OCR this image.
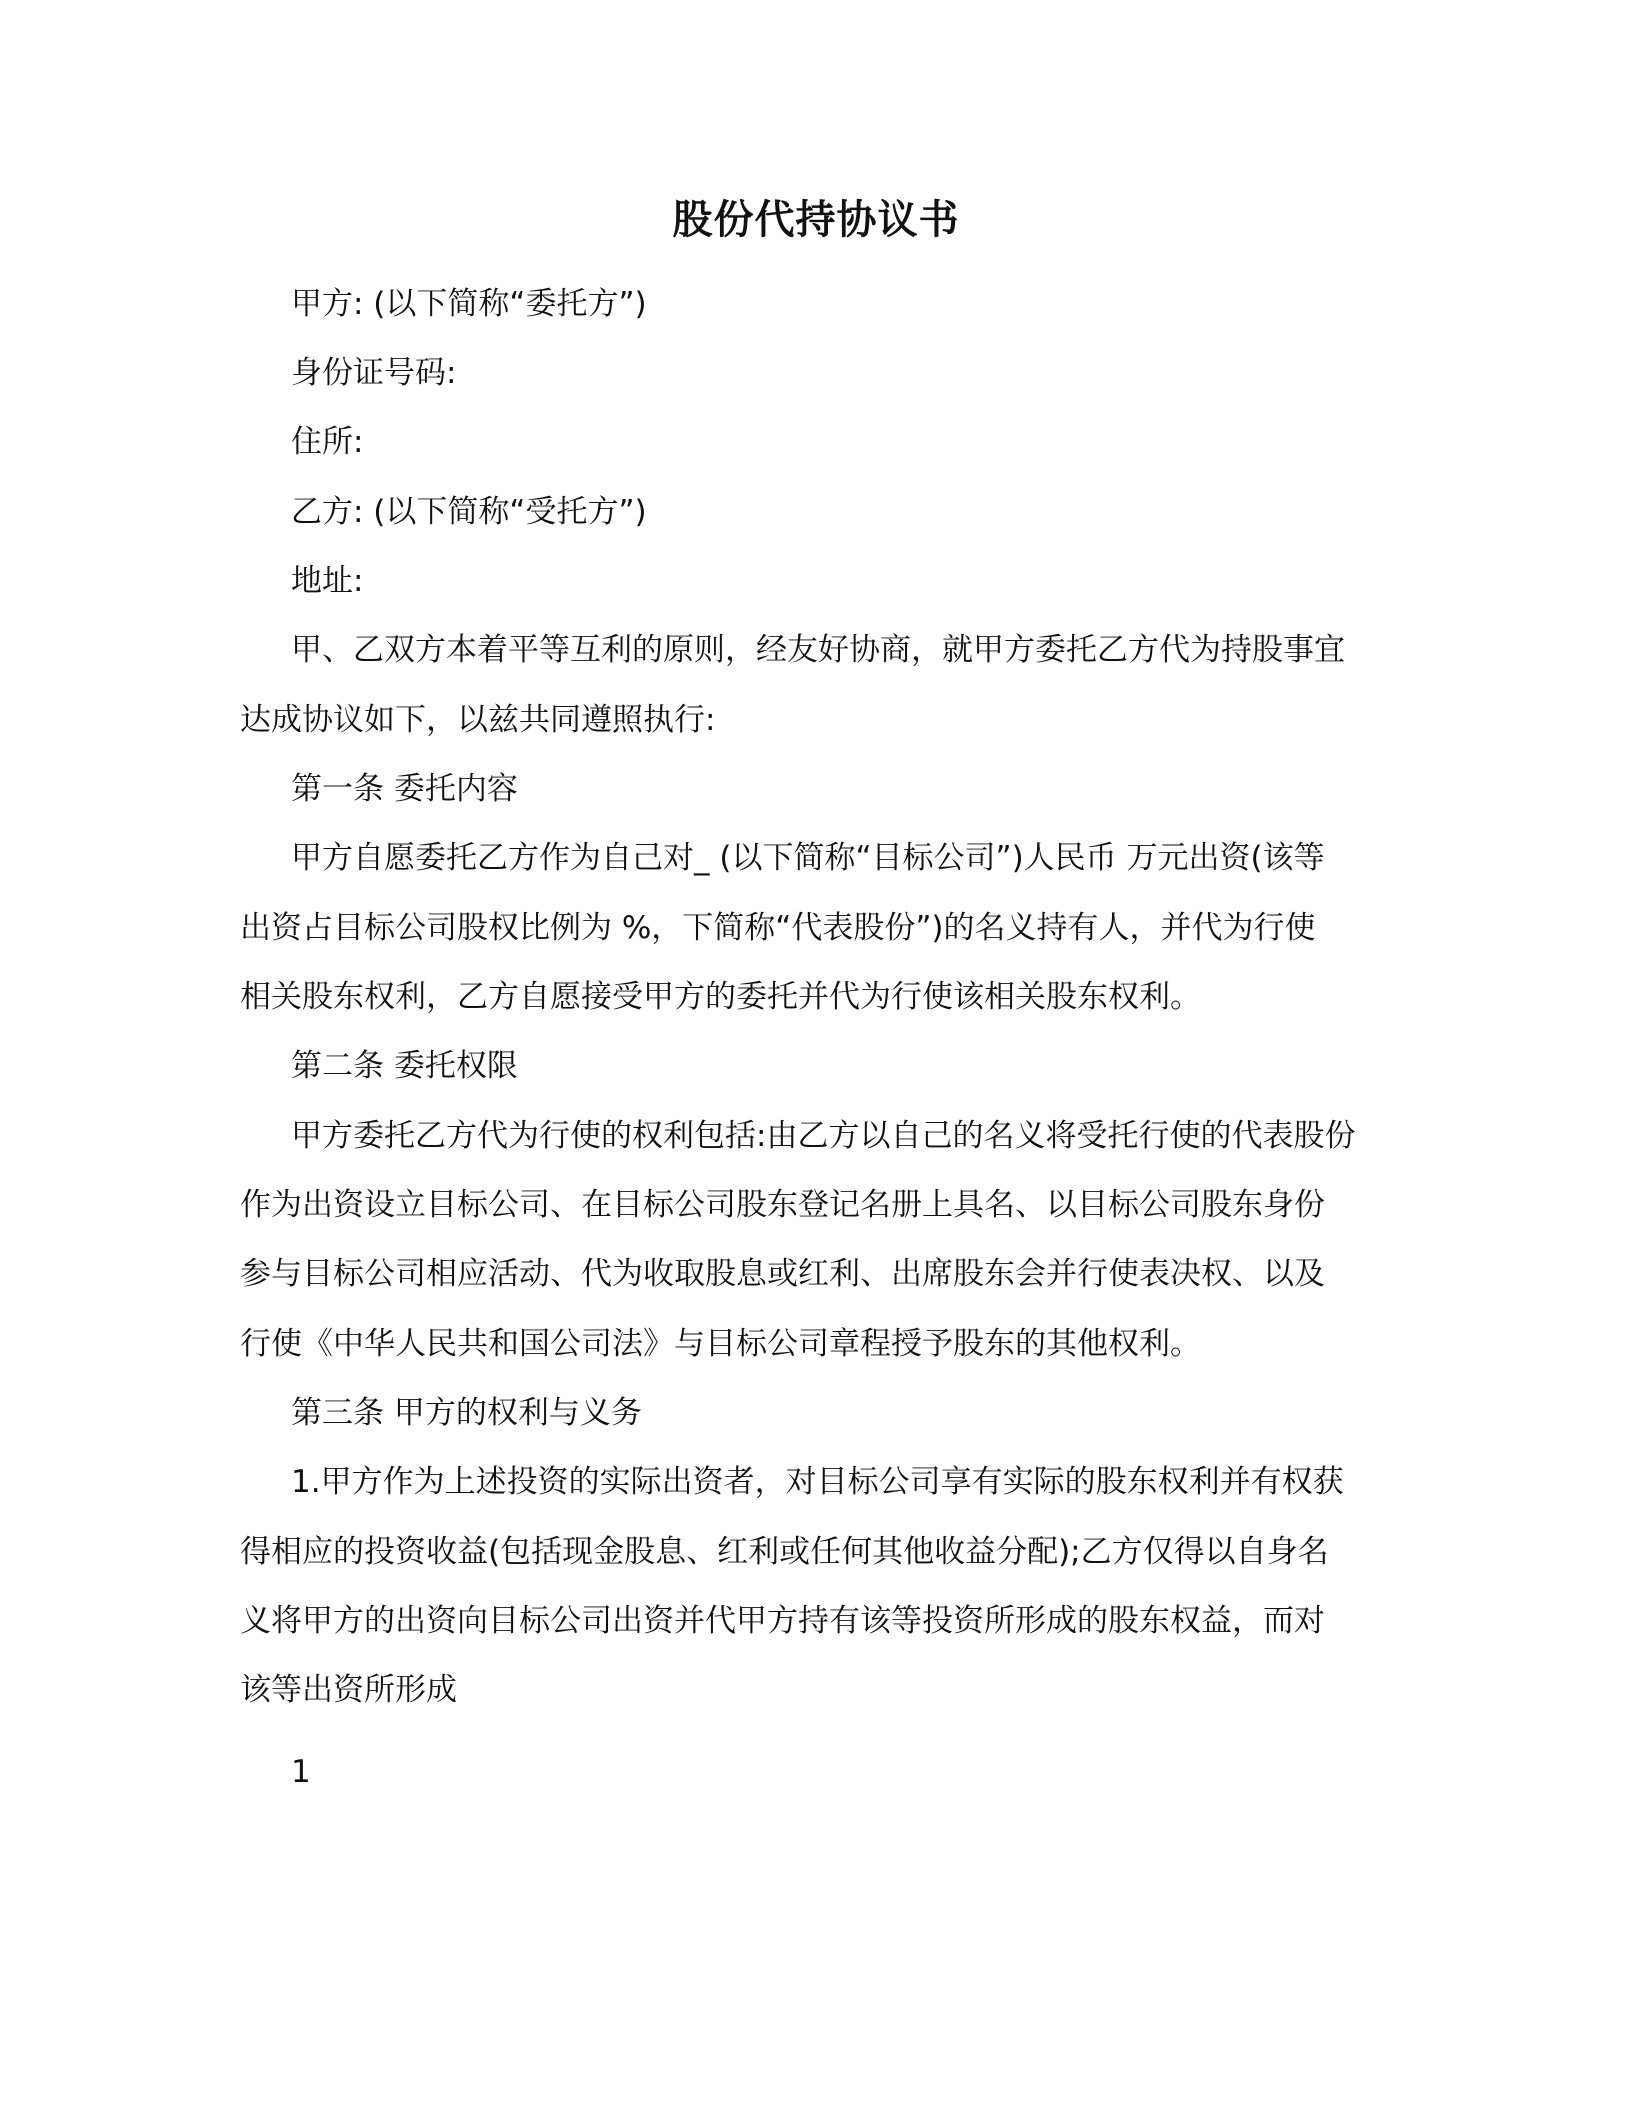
股份代持协议书

甲方: (以下简称“委托方”)

身份证号码:

住所:

乙方: (以下简称“受托方”)

地址:

甲、乙双方本着平等互利的原则，经友好协商，就甲方委托乙方代为持股事宜

达成协议如下，以兹共同遵照执行:

第一条 委托内容

甲方自愿委托乙方作为自己对_ (以下简称“目标公司”)人民币 万元出资(该等

出资占目标公司股权比例为 %，下简称“代表股份”)的名义持有人，并代为行使

相关股东权利，乙方自愿接受甲方的委托并代为行使该相关股东权利。

第二条 委托权限

甲方委托乙方代为行使的权利包括:由乙方以自己的名义将受托行使的代表股份

作为出资设立目标公司、在目标公司股东登记名册上具名、以目标公司股东身份

参与目标公司相应活动、代为收取股息或红利、出席股东会并行使表决权、以及

行使《中华人民共和国公司法》与目标公司章程授予股东的其他权利。

第三条 甲方的权利与义务

1.甲方作为上述投资的实际出资者，对目标公司享有实际的股东权利并有权获

得相应的投资收益(包括现金股息、红利或任何其他收益分配);乙方仅得以自身名

义将甲方的出资向目标公司出资并代甲方持有该等投资所形成的股东权益，而对

该等出资所形成

1
